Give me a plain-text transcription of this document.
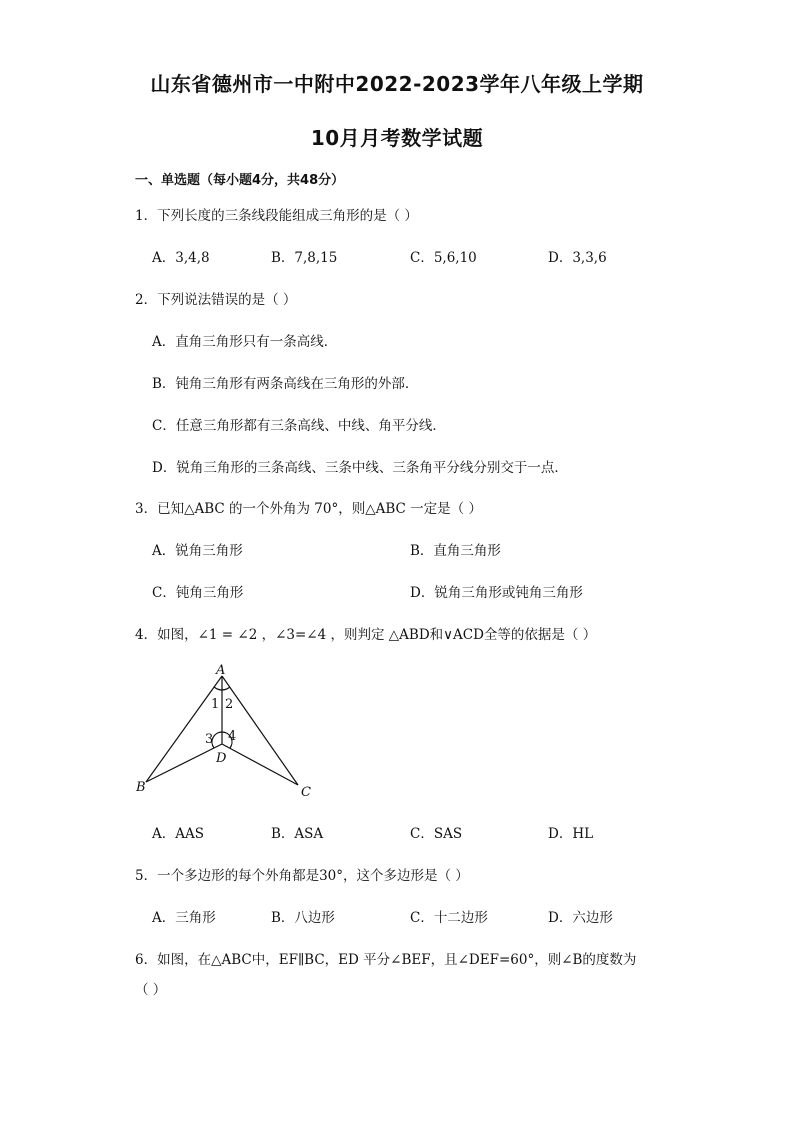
山东省德州市一中附中2022-2023学年八年级上学期
10月月考数学试题
一、单选题（每小题4分，共48分）
1．下列长度的三条线段能组成三角形的是（ ）
A．3,4,8	B．7,8,15	C．5,6,10	D．3,3,6
2．下列说法错误的是（ ）
A．直角三角形只有一条高线．
B．钝角三角形有两条高线在三角形的外部．
C．任意三角形都有三条高线、中线、角平分线．
D．锐角三角形的三条高线、三条中线、三条角平分线分别交于一点．
3．已知△ABC 的一个外角为 70°，则△ABC 一定是（ ）
A．锐角三角形	B．直角三角形
C．钝角三角形	D．锐角三角形或钝角三角形
4．如图，∠1 = ∠2 ，∠3=∠4 ，则判定 △ABD和∨ACD全等的依据是（ ）
A
B	C
D
1 2
3 4
A．AAS	B．ASA	C．SAS	D．HL
5．一个多边形的每个外角都是30°，这个多边形是（ ）
A．三角形	B．八边形	C．十二边形	D．六边形
6．如图，在△ABC中，EF∥BC，ED 平分∠BEF，且∠DEF=60°，则∠B的度数为
（ ）
